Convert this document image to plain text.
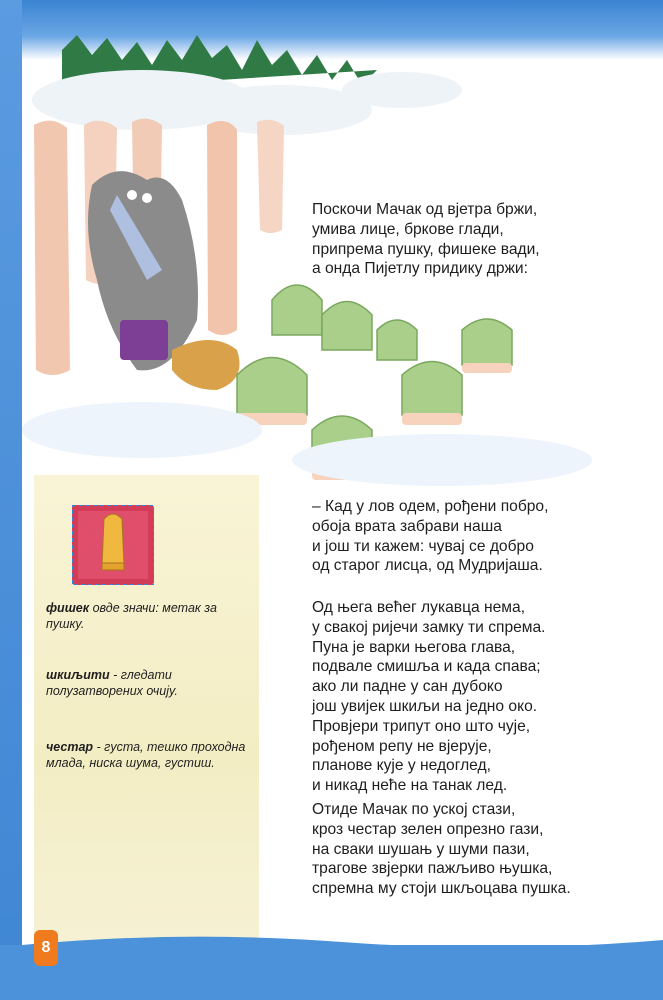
Поскочи Мачак од вјетра бржи,
умива лице, бркове глади,
припрема пушку, фишеке вади,
а онда Пијетлу придику држи:
– Кад у лов одем, рођени побро,
обоја врата забрави наша
и још ти кажем: чувај се добро
од старог лисца, од Мудријаша.
Од њега већег лукавца нема,
у свакој ријечи замку ти спрема.
Пуна је варки његова глава,
подвале смишља и када спава;
ако ли падне у сан дубоко
још увијек шкиљи на једно око.
Провјери трипут оно што чује,
рођеном репу не вјерује,
планове кује у недоглед,
и никад неће на танак лед.
Отиде Мачак по уској стази,
кроз честар зелен опрезно гази,
на сваки шушањ у шуми пази,
трагове звјерки пажљиво њушка,
спремна му стоји шкљоцава пушка.
фишек овде значи: метак за пушку.
шкиљити - гледати полузатворених очију.
честар - густа, тешко проходна млада, ниска шума, густиш.
8
